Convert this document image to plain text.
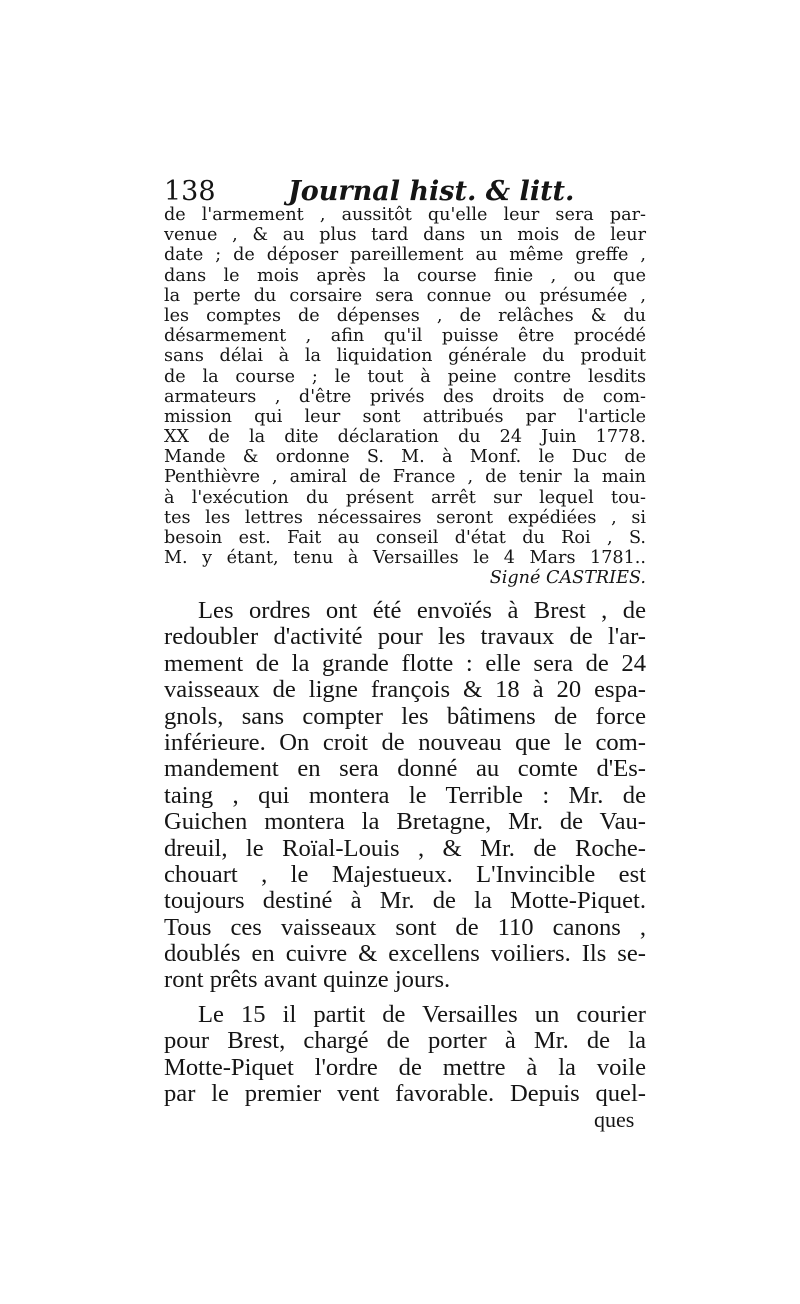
138	Journal hist. & litt.
de l'armement , aussitôt qu'elle leur sera par-
venue , & au plus tard dans un mois de leur
date ; de déposer pareillement au même greffe ,
dans le mois après la course finie , ou que
la perte du corsaire sera connue ou présumée ,
les comptes de dépenses , de relâches & du
désarmement , afin qu'il puisse être procédé
sans délai à la liquidation générale du produit
de la course ; le tout à peine contre lesdits
armateurs , d'être privés des droits de com-
mission qui leur sont attribués par l'article
XX de la dite déclaration du 24 Juin 1778.
Mande & ordonne S. M. à Monf. le Duc de
Penthièvre , amiral de France , de tenir la main
à l'exécution du présent arrêt sur lequel tou-
tes les lettres nécessaires seront expédiées , si
besoin est. Fait au conseil d'état du Roi , S.
M. y étant, tenu à Versailles le 4 Mars 1781..
Signé CASTRIES.
Les ordres ont été envoïés à Brest , de
redoubler d'activité pour les travaux de l'ar-
mement de la grande flotte : elle sera de 24
vaisseaux de ligne françois & 18 à 20 espa-
gnols, sans compter les bâtimens de force
inférieure. On croit de nouveau que le com-
mandement en sera donné au comte d'Es-
taing , qui montera le Terrible : Mr. de
Guichen montera la Bretagne, Mr. de Vau-
dreuil, le Roïal-Louis , & Mr. de Roche-
chouart , le Majestueux. L'Invincible est
toujours destiné à Mr. de la Motte-Piquet.
Tous ces vaisseaux sont de 110 canons ,
doublés en cuivre & excellens voiliers. Ils se-
ront prêts avant quinze jours.
Le 15 il partit de Versailles un courier
pour Brest, chargé de porter à Mr. de la
Motte-Piquet l'ordre de mettre à la voile
par le premier vent favorable. Depuis quel-
ques
